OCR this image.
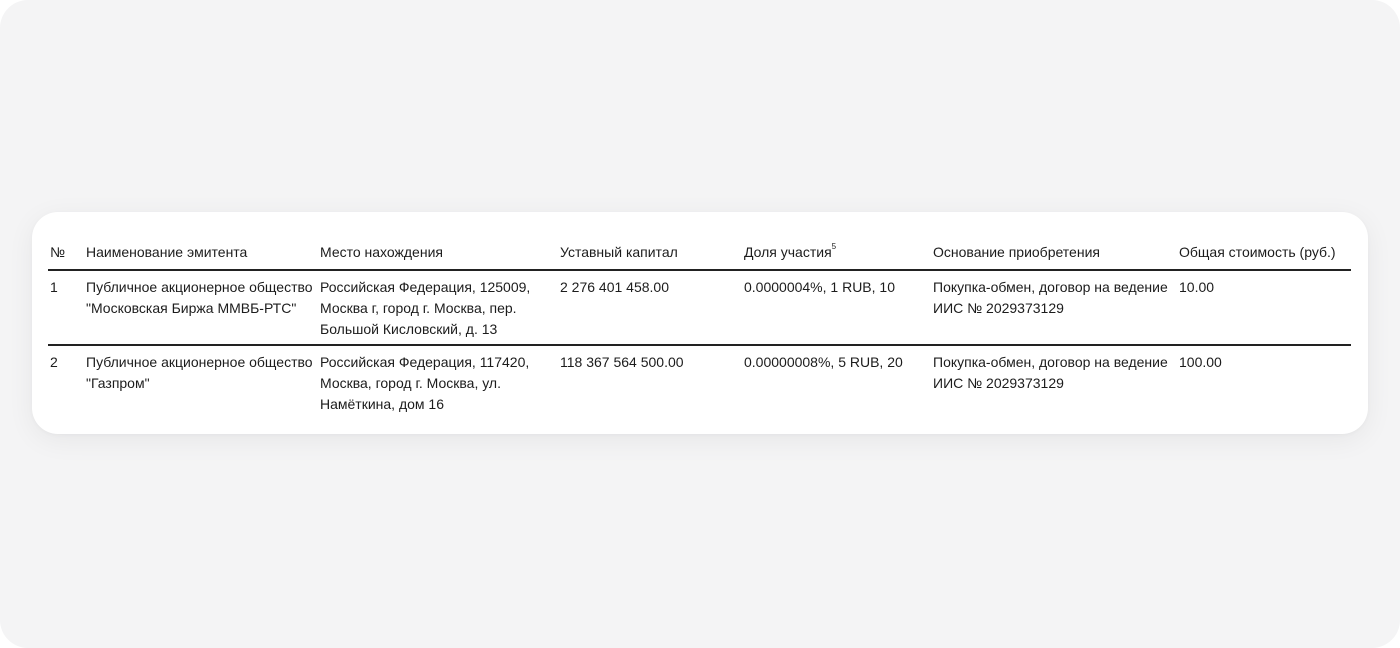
№	Наименование эмитента	Место нахождения	Уставный капитал	Доля участия$^5$	Основание приобретения	Общая стоимость (руб.)
1	Публичное акционерное общество "Московская Биржа ММВБ-РТС"	Российская Федерация, 125009, Москва г, город г. Москва, пер. Большой Кисловский, д. 13	2 276 401 458.00	0.0000004%, 1 RUB, 10	Покупка-обмен, договор на ведение ИИС № 2029373129	10.00
2	Публичное акционерное общество "Газпром"	Российская Федерация, 117420, Москва, город г. Москва, ул. Намёткина, дом 16	118 367 564 500.00	0.00000008%, 5 RUB, 20	Покупка-обмен, договор на ведение ИИС № 2029373129	100.00
